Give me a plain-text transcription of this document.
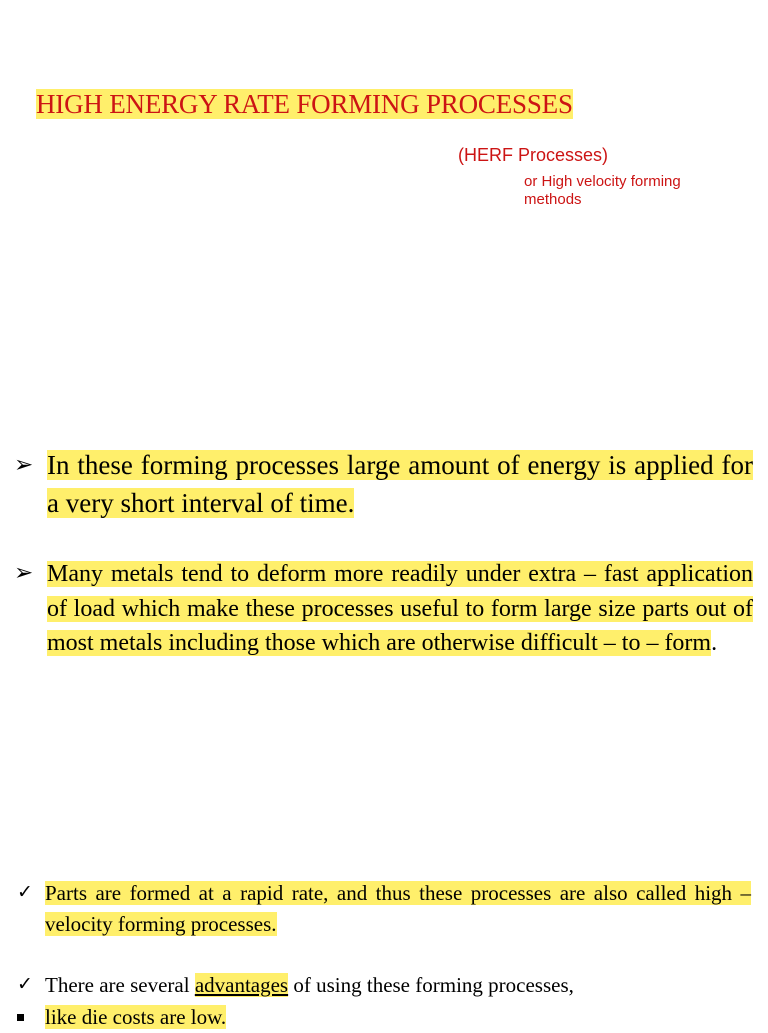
HIGH ENERGY RATE FORMING PROCESSES
(HERF Processes)
or High velocity forming methods
➢ In these forming processes large amount of energy is applied for a very short interval of time.
➢ Many metals tend to deform more readily under extra – fast application of load which make these processes useful to form large size parts out of most metals including those which are otherwise difficult – to – form.
✓ Parts are formed at a rapid rate, and thus these processes are also called high – velocity forming processes.
✓ There are several advantages of using these forming processes,
like die costs are low.
